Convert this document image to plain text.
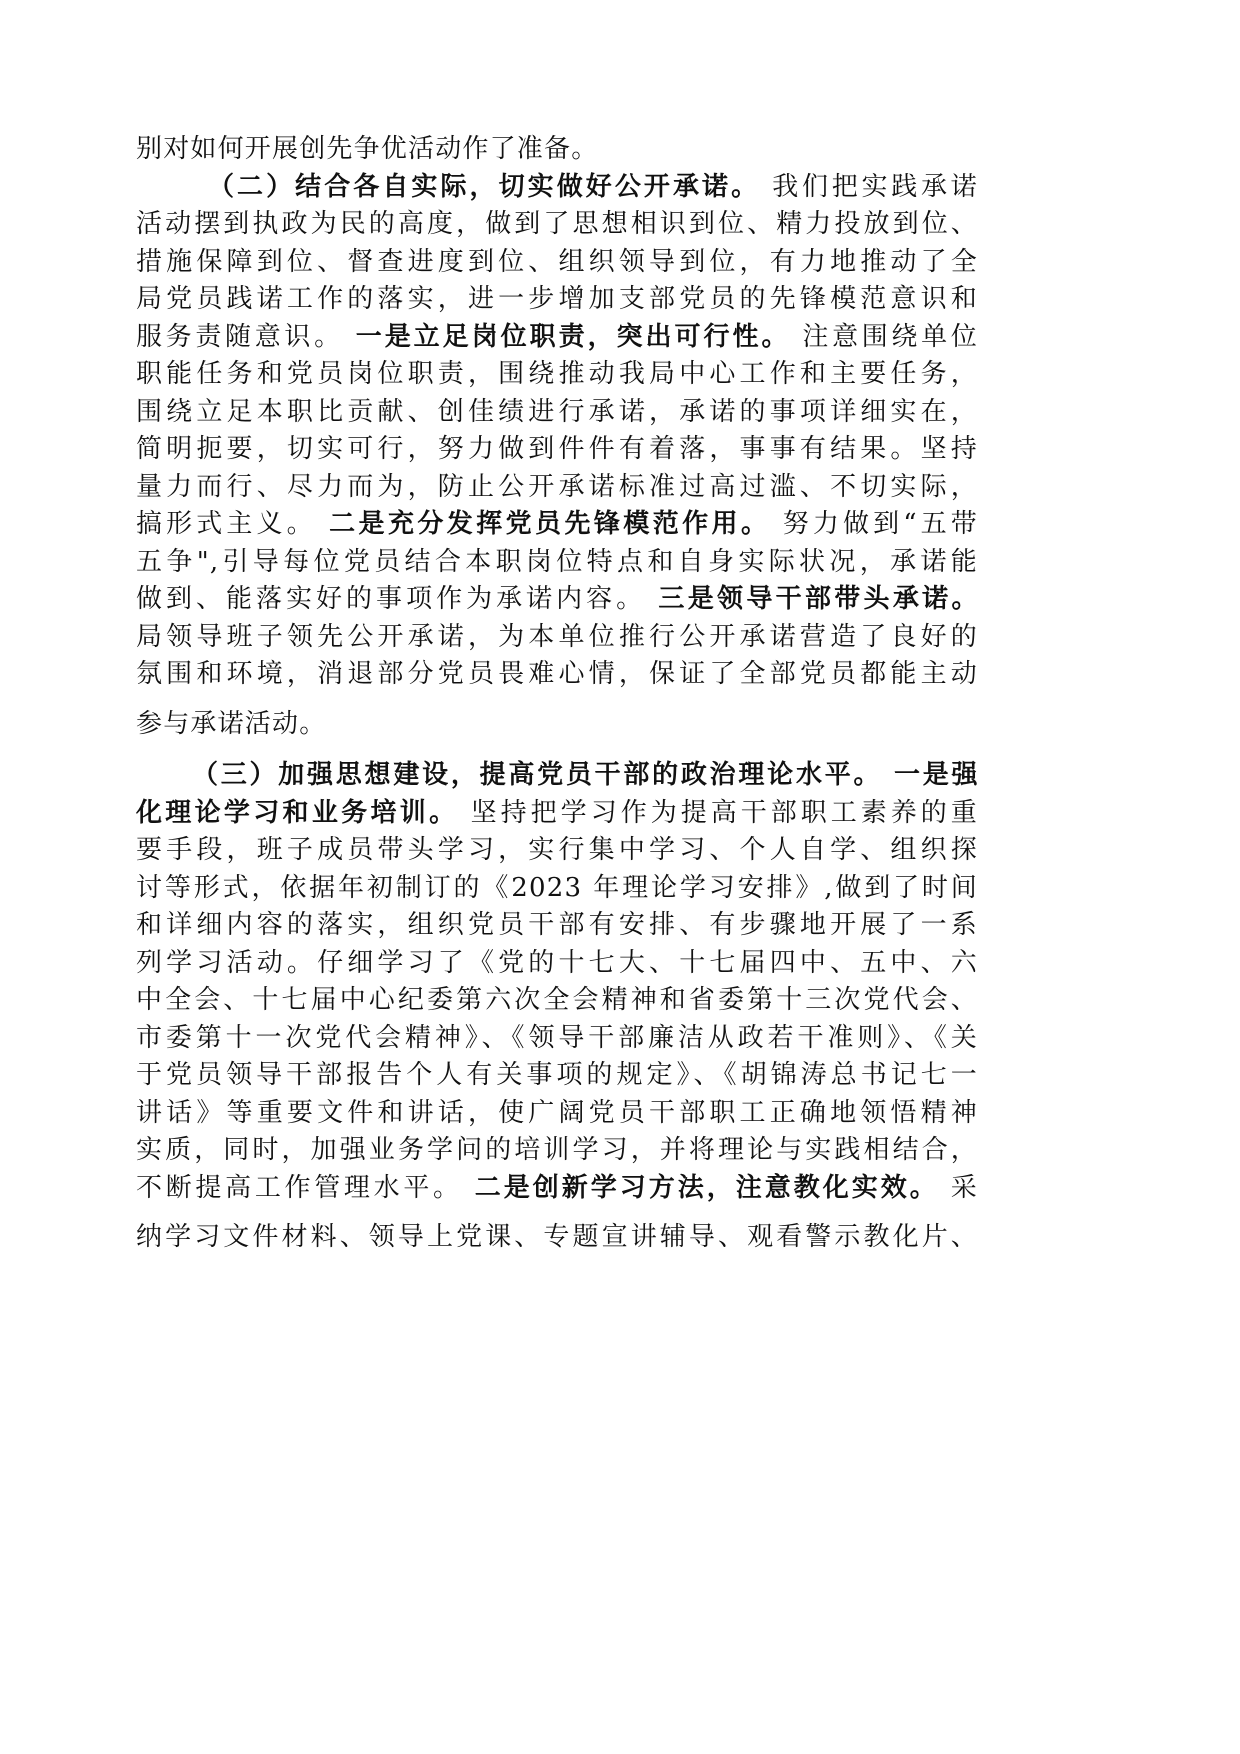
别对如何开展创先争优活动作了准备。
（二）结合各自实际，切实做好公开承诺。 我们把实践承诺
活动摆到执政为民的高度，做到了思想相识到位、精力投放到位、
措施保障到位、督查进度到位、组织领导到位，有力地推动了全
局党员践诺工作的落实，进一步增加支部党员的先锋模范意识和
服务责随意识。 一是立足岗位职责，突出可行性。 注意围绕单位
职能任务和党员岗位职责，围绕推动我局中心工作和主要任务，
围绕立足本职比贡献、创佳绩进行承诺，承诺的事项详细实在，
简明扼要，切实可行，努力做到件件有着落，事事有结果。坚持
量力而行、尽力而为，防止公开承诺标准过高过滥、不切实际，
搞形式主义。 二是充分发挥党员先锋模范作用。 努力做到“五带
五争",引导每位党员结合本职岗位特点和自身实际状况，承诺能
做到、能落实好的事项作为承诺内容。 三是领导干部带头承诺。
局领导班子领先公开承诺，为本单位推行公开承诺营造了良好的
氛围和环境，消退部分党员畏难心情，保证了全部党员都能主动
参与承诺活动。
（三）加强思想建设，提高党员干部的政治理论水平。 一是强
化理论学习和业务培训。 坚持把学习作为提高干部职工素养的重
要手段，班子成员带头学习，实行集中学习、个人自学、组织探
讨等形式，依据年初制订的《2023 年理论学习安排》,做到了时间
和详细内容的落实，组织党员干部有安排、有步骤地开展了一系
列学习活动。仔细学习了《党的十七大、十七届四中、五中、六
中全会、十七届中心纪委第六次全会精神和省委第十三次党代会、
市委第十一次党代会精神》、《领导干部廉洁从政若干准则》、《关
于党员领导干部报告个人有关事项的规定》、《胡锦涛总书记七一
讲话》等重要文件和讲话，使广阔党员干部职工正确地领悟精神
实质，同时，加强业务学问的培训学习，并将理论与实践相结合，
不断提高工作管理水平。 二是创新学习方法，注意教化实效。 采
纳学习文件材料、领导上党课、专题宣讲辅导、观看警示教化片、
